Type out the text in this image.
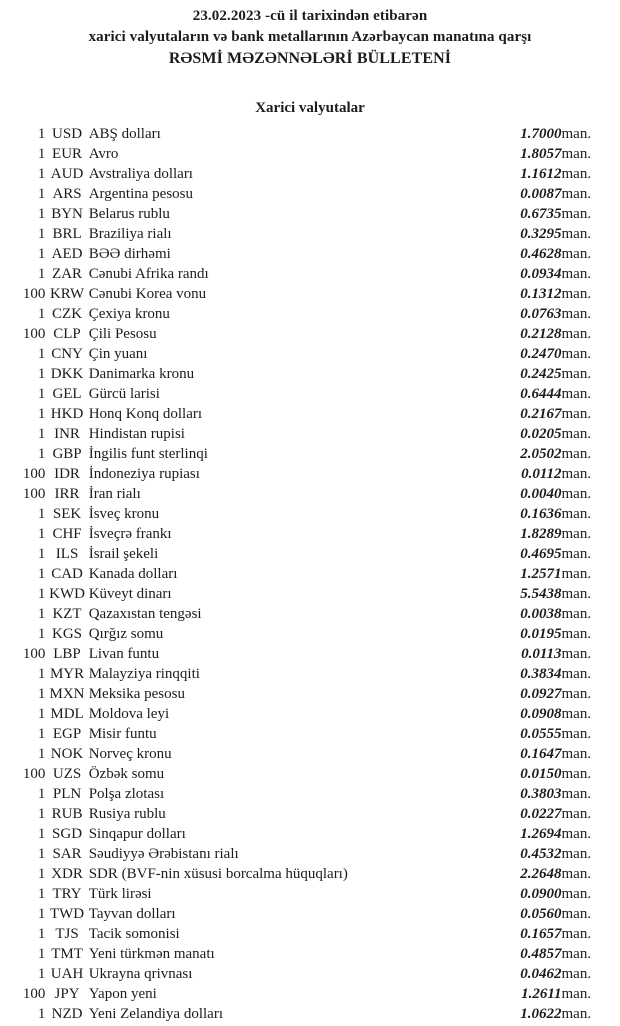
23.02.2023 -cü il tarixindən etibarən
xarici valyutaların və bank metallarının Azərbaycan manatına qarşı
RƏSMİ MƏZƏNNƏLƏRİ BÜLLETENİ
Xarici valyutalar
1	USD	ABŞ dolları	1.7000	man.
1	EUR	Avro	1.8057	man.
1	AUD	Avstraliya dolları	1.1612	man.
1	ARS	Argentina pesosu	0.0087	man.
1	BYN	Belarus rublu	0.6735	man.
1	BRL	Braziliya rialı	0.3295	man.
1	AED	BƏƏ dirhəmi	0.4628	man.
1	ZAR	Cənubi Afrika randı	0.0934	man.
100	KRW	Cənubi Korea vonu	0.1312	man.
1	CZK	Çexiya kronu	0.0763	man.
100	CLP	Çili Pesosu	0.2128	man.
1	CNY	Çin yuanı	0.2470	man.
1	DKK	Danimarka kronu	0.2425	man.
1	GEL	Gürcü larisi	0.6444	man.
1	HKD	Honq Konq dolları	0.2167	man.
1	INR	Hindistan rupisi	0.0205	man.
1	GBP	İngilis funt sterlinqi	2.0502	man.
100	IDR	İndoneziya rupiası	0.0112	man.
100	IRR	İran rialı	0.0040	man.
1	SEK	İsveç kronu	0.1636	man.
1	CHF	İsveçrə frankı	1.8289	man.
1	ILS	İsrail şekeli	0.4695	man.
1	CAD	Kanada dolları	1.2571	man.
1	KWD	Küveyt dinarı	5.5438	man.
1	KZT	Qazaxıstan tengəsi	0.0038	man.
1	KGS	Qırğız somu	0.0195	man.
100	LBP	Livan funtu	0.0113	man.
1	MYR	Malayziya rinqqiti	0.3834	man.
1	MXN	Meksika pesosu	0.0927	man.
1	MDL	Moldova leyi	0.0908	man.
1	EGP	Misir funtu	0.0555	man.
1	NOK	Norveç kronu	0.1647	man.
100	UZS	Özbək somu	0.0150	man.
1	PLN	Polşa zlotası	0.3803	man.
1	RUB	Rusiya rublu	0.0227	man.
1	SGD	Sinqapur dolları	1.2694	man.
1	SAR	Səudiyyə Ərəbistanı rialı	0.4532	man.
1	XDR	SDR (BVF-nin xüsusi borcalma hüquqları)	2.2648	man.
1	TRY	Türk lirəsi	0.0900	man.
1	TWD	Tayvan dolları	0.0560	man.
1	TJS	Tacik somonisi	0.1657	man.
1	TMT	Yeni türkmən manatı	0.4857	man.
1	UAH	Ukrayna qrivnası	0.0462	man.
100	JPY	Yapon yeni	1.2611	man.
1	NZD	Yeni Zelandiya dolları	1.0622	man.
